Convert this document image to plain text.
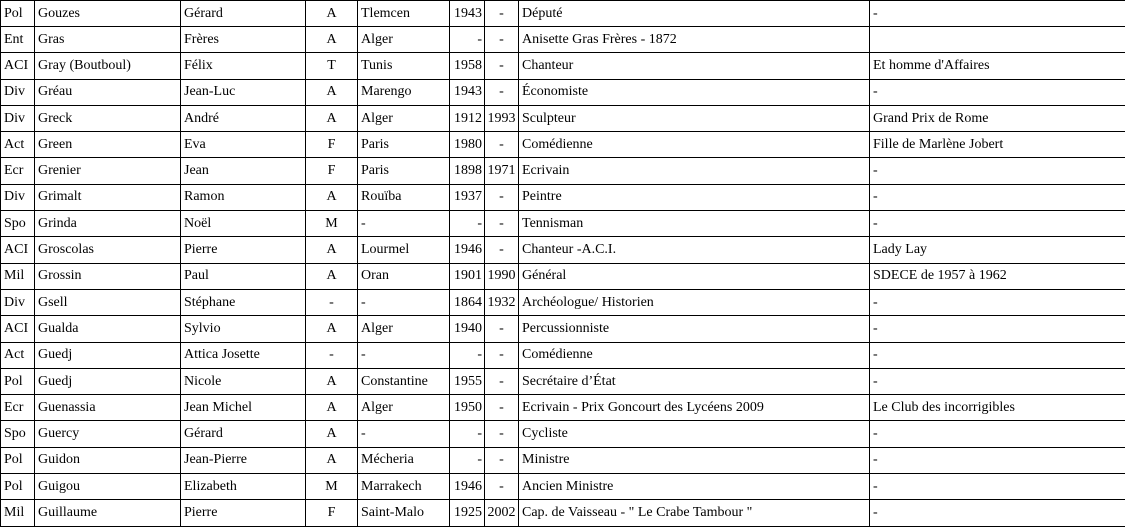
Pol	Gouzes	Gérard	A	Tlemcen	1943	-	Député	-
Ent	Gras	Frères	A	Alger	-	-	Anisette Gras Frères - 1872	
ACI	Gray (Boutboul)	Félix	T	Tunis	1958	-	Chanteur	Et homme d'Affaires
Div	Gréau	Jean-Luc	A	Marengo	1943	-	Économiste	-
Div	Greck	André	A	Alger	1912	1993	Sculpteur	Grand Prix de Rome
Act	Green	Eva	F	Paris	1980	-	Comédienne	Fille de Marlène Jobert
Ecr	Grenier	Jean	F	Paris	1898	1971	Ecrivain	-
Div	Grimalt	Ramon	A	Rouïba	1937	-	Peintre	-
Spo	Grinda	Noël	M	-	-	-	Tennisman	-
ACI	Groscolas	Pierre	A	Lourmel	1946	-	Chanteur -A.C.I.	Lady Lay
Mil	Grossin	Paul	A	Oran	1901	1990	Général	SDECE de 1957 à 1962
Div	Gsell	Stéphane	-	-	1864	1932	Archéologue/ Historien	-
ACI	Gualda	Sylvio	A	Alger	1940	-	Percussionniste	-
Act	Guedj	Attica Josette	-	-	-	-	Comédienne	-
Pol	Guedj	Nicole	A	Constantine	1955	-	Secrétaire d’État	-
Ecr	Guenassia	Jean Michel	A	Alger	1950	-	Ecrivain - Prix Goncourt des Lycéens 2009	Le Club des incorrigibles
Spo	Guercy	Gérard	A	-	-	-	Cycliste	-
Pol	Guidon	Jean-Pierre	A	Mécheria	-	-	Ministre	-
Pol	Guigou	Elizabeth	M	Marrakech	1946	-	Ancien Ministre	-
Mil	Guillaume	Pierre	F	Saint-Malo	1925	2002	Cap. de Vaisseau - " Le Crabe Tambour "	-
